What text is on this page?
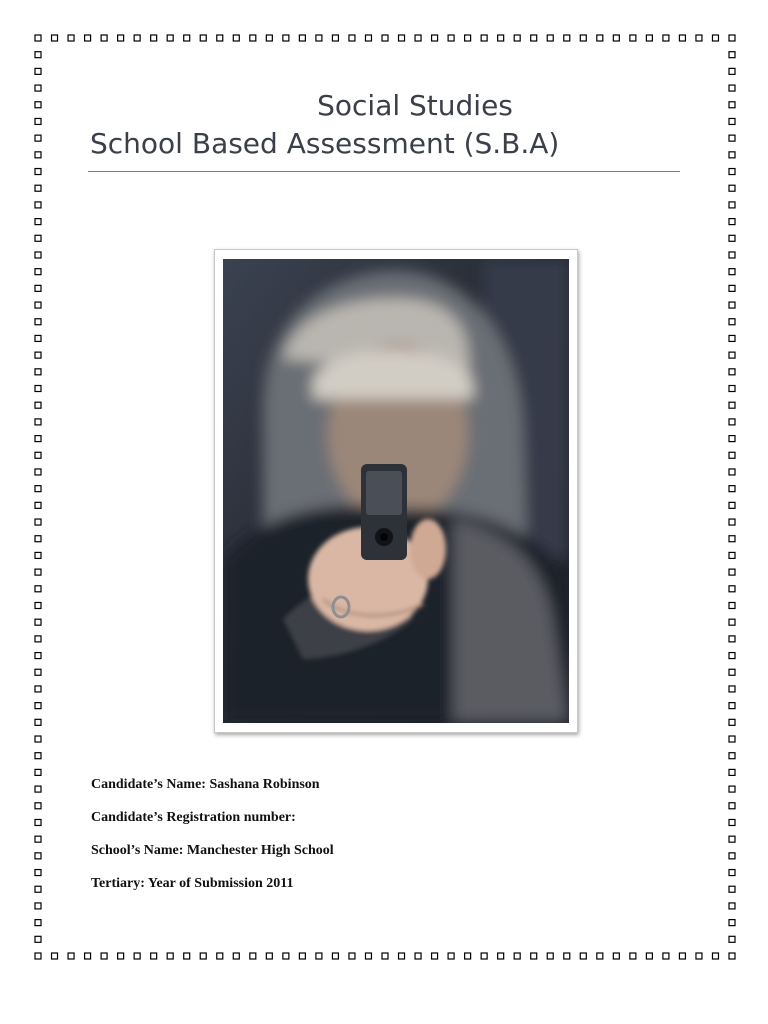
Social Studies
School Based Assessment (S.B.A)
Candidate’s Name: Sashana Robinson
Candidate’s Registration number:
School’s Name: Manchester High School
Tertiary: Year of Submission 2011
